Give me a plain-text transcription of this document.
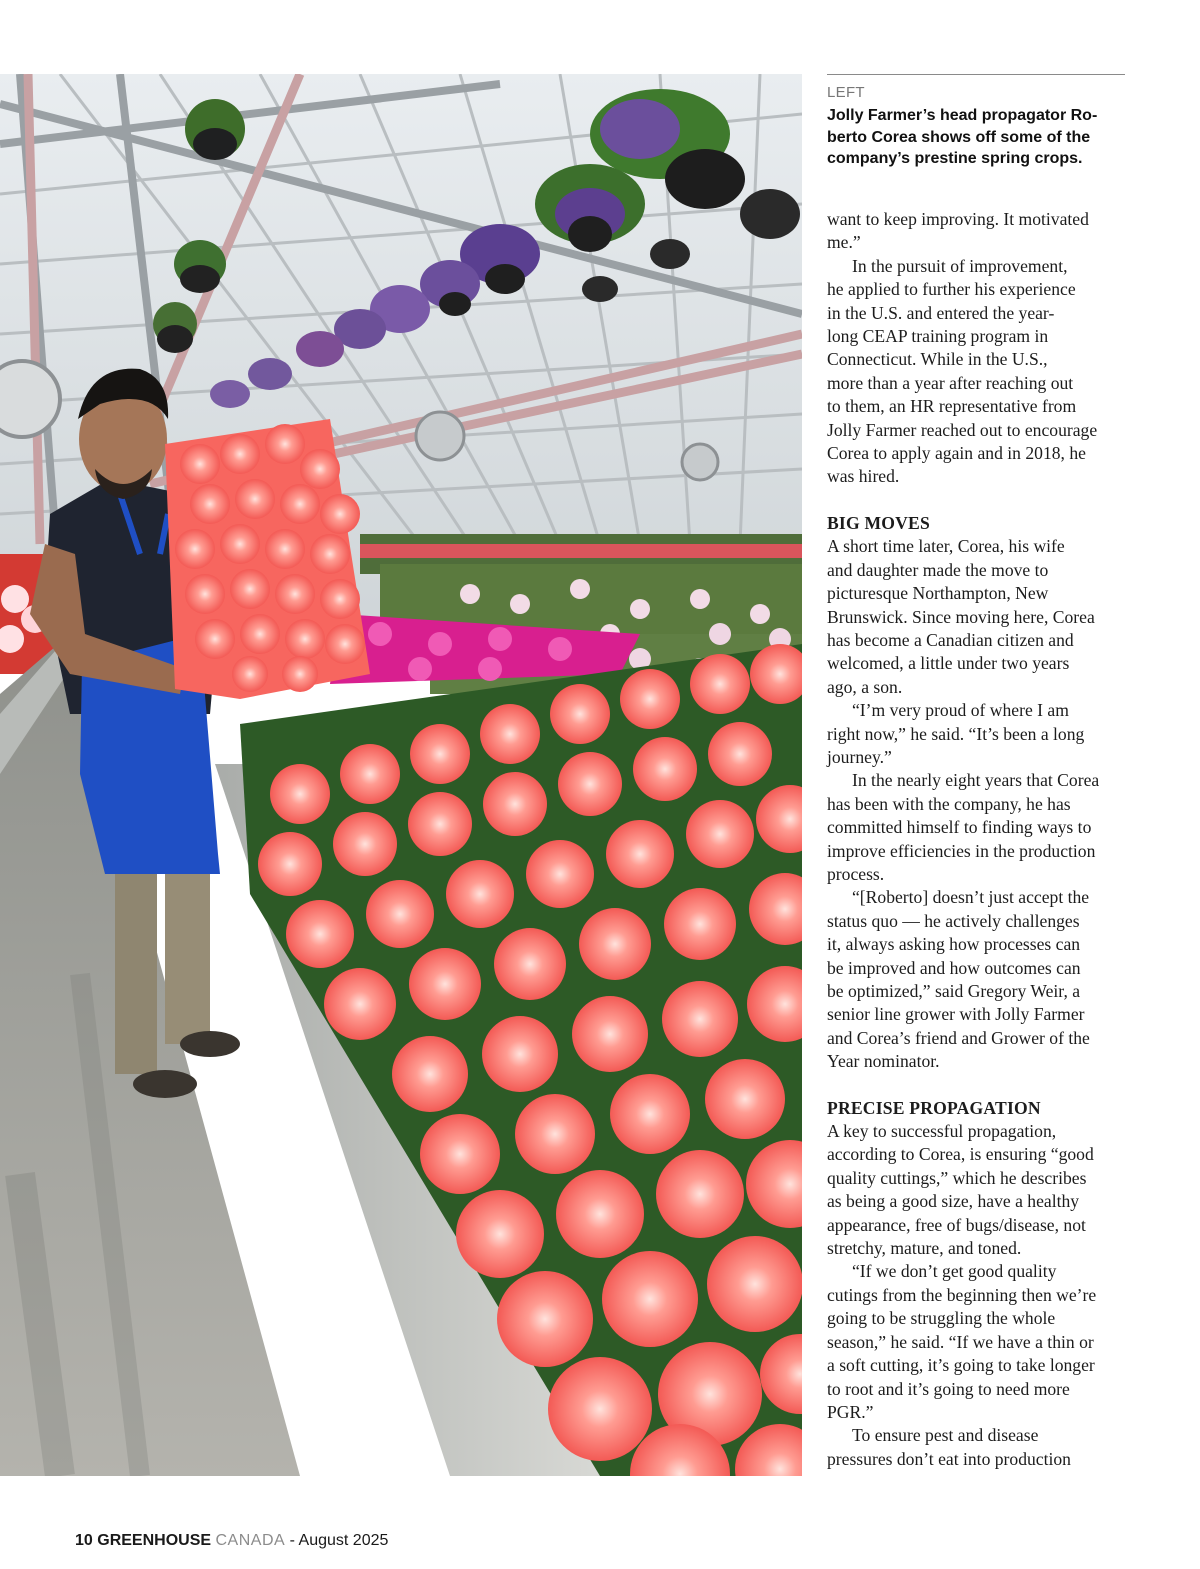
LEFT
Jolly Farmer’s head propagator Ro-
berto Corea shows off some of the
company’s prestine spring crops.

want to keep improving. It motivated
me.”

In the pursuit of improvement,
he applied to further his experience
in the U.S. and entered the year-
long CEAP training program in
Connecticut. While in the U.S.,
more than a year after reaching out
to them, an HR representative from
Jolly Farmer reached out to encourage
Corea to apply again and in 2018, he
was hired.

BIG MOVES

A short time later, Corea, his wife
and daughter made the move to
picturesque Northampton, New
Brunswick. Since moving here, Corea
has become a Canadian citizen and
welcomed, a little under two years
ago, a son.

“I’m very proud of where I am
right now,” he said. “It’s been a long
journey.”

In the nearly eight years that Corea
has been with the company, he has
committed himself to finding ways to
improve efficiencies in the production
process.

“[Roberto] doesn’t just accept the
status quo — he actively challenges
it, always asking how processes can
be improved and how outcomes can
be optimized,” said Gregory Weir, a
senior line grower with Jolly Farmer
and Corea’s friend and Grower of the
Year nominator.

PRECISE PROPAGATION

A key to successful propagation,
according to Corea, is ensuring “good
quality cuttings,” which he describes
as being a good size, have a healthy
appearance, free of bugs/disease, not
stretchy, mature, and toned.

“If we don’t get good quality
cutings from the beginning then we’re
going to be struggling the whole
season,” he said. “If we have a thin or
a soft cutting, it’s going to take longer
to root and it’s going to need more
PGR.”

To ensure pest and disease
pressures don’t eat into production

10 GREENHOUSE CANADA - August 2025
